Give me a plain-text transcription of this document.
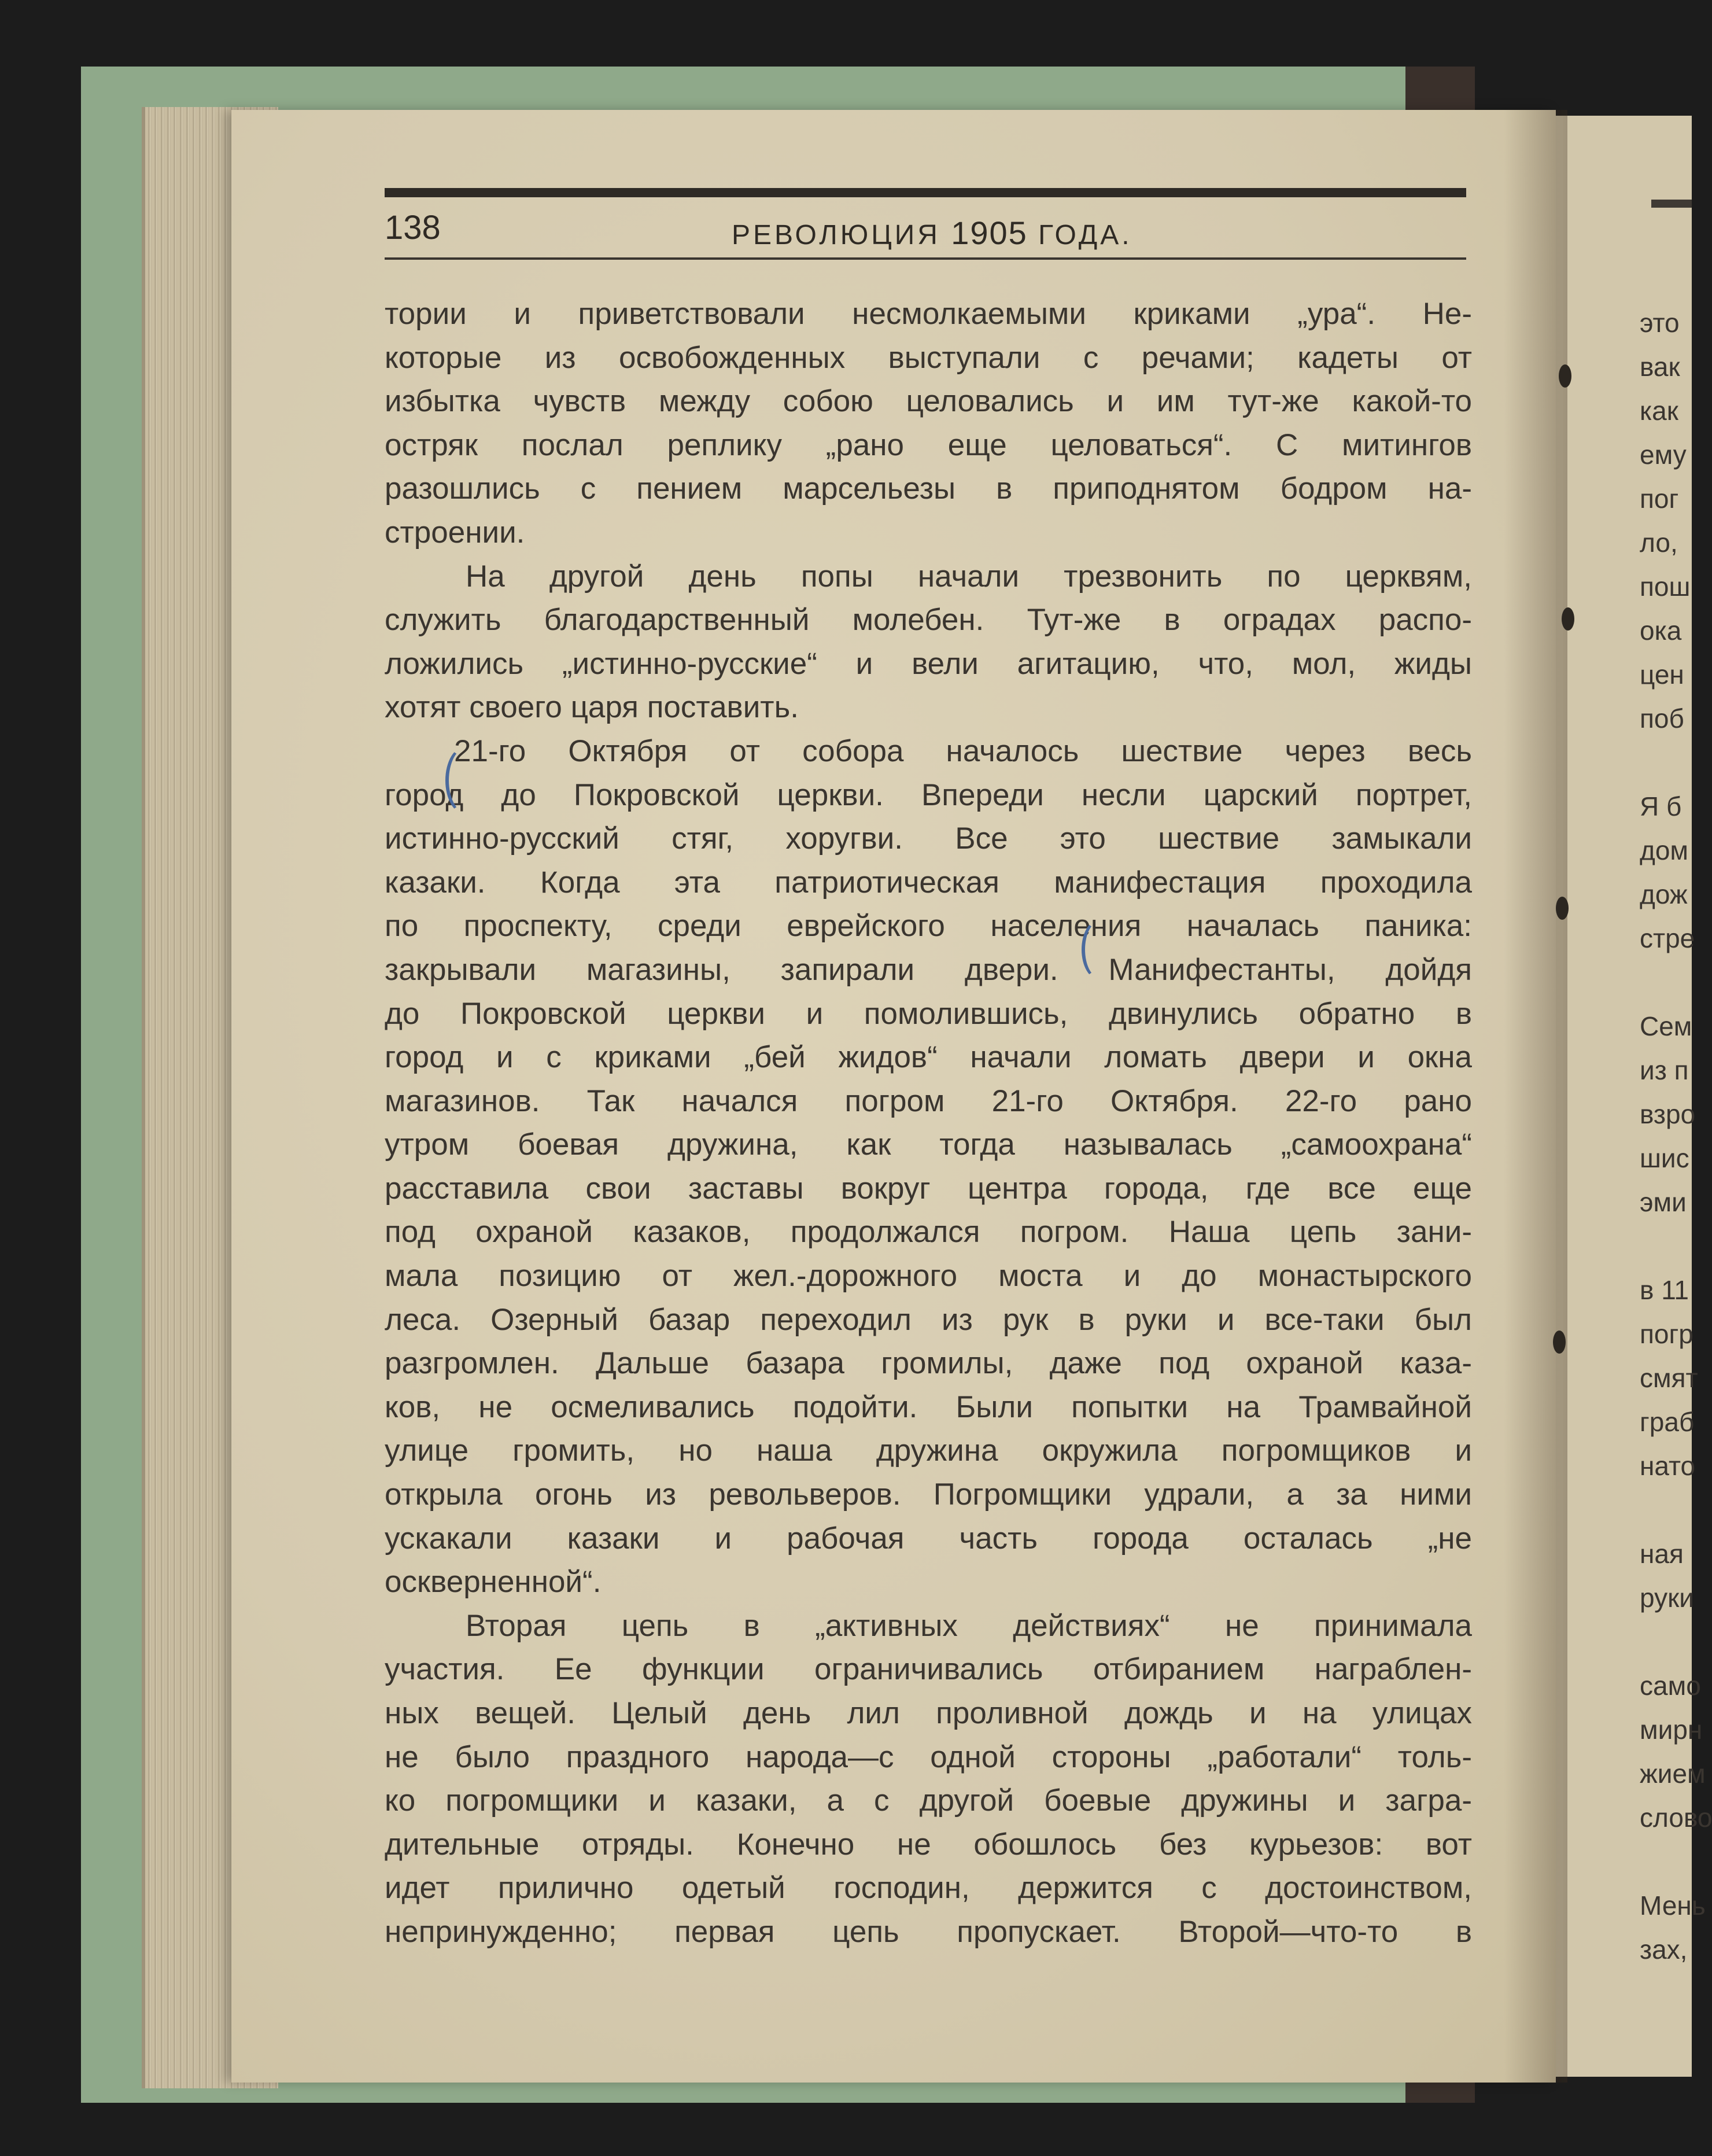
это
вак
как
ему
пог
ло,
пош
ока
цен
поб

Я б
дом
дож
стре

Сем
из п
взро
шис
эми

в 11
погр
смят
граб
нато

ная
руки

само
мирн
жием
слово

Мень
зах,
138	РЕВОЛЮЦИЯ 1905 ГОДА.
тории и приветствовали несмолкаемыми криками „ура“. Не-
которые из освобожденных выступали с речами; кадеты от
избытка чувств между собою целовались и им тут-же какой-то
остряк послал реплику „рано еще целоваться“. С митингов
разошлись с пением марсельезы в приподнятом бодром на-
строении.
На другой день попы начали трезвонить по церквям,
служить благодарственный молебен. Тут-же в оградах распо-
ложились „истинно-русские“ и вели агитацию, что, мол, жиды
хотят своего царя поставить.
21-го Октября от собора началось шествие через весь
город до Покровской церкви. Впереди несли царский портрет,
истинно-русский стяг, хоругви. Все это шествие замыкали
казаки. Когда эта патриотическая манифестация проходила
по проспекту, среди еврейского населения началась паника:
закрывали магазины, запирали двери. Манифестанты, дойдя
до Покровской церкви и помолившись, двинулись обратно в
город и с криками „бей жидов“ начали ломать двери и окна
магазинов. Так начался погром 21-го Октября. 22-го рано
утром боевая дружина, как тогда называлась „самоохрана“
расставила свои заставы вокруг центра города, где все еще
под охраной казаков, продолжался погром. Наша цепь зани-
мала позицию от жел.-дорожного моста и до монастырского
леса. Озерный базар переходил из рук в руки и все-таки был
разгромлен. Дальше базара громилы, даже под охраной каза-
ков, не осмеливались подойти. Были попытки на Трамвайной
улице громить, но наша дружина окружила погромщиков и
открыла огонь из револьверов. Погромщики удрали, а за ними
ускакали казаки и рабочая часть города осталась „не
оскверненной“.
Вторая цепь в „активных действиях“ не принимала
участия. Ее функции ограничивались отбиранием награблен-
ных вещей. Целый день лил проливной дождь и на улицах
не было праздного народа—с одной стороны „работали“ толь-
ко погромщики и казаки, а с другой боевые дружины и загра-
дительные отряды. Конечно не обошлось без курьезов: вот
идет прилично одетый господин, держится с достоинством,
непринужденно; первая цепь пропускает. Второй—что-то в
